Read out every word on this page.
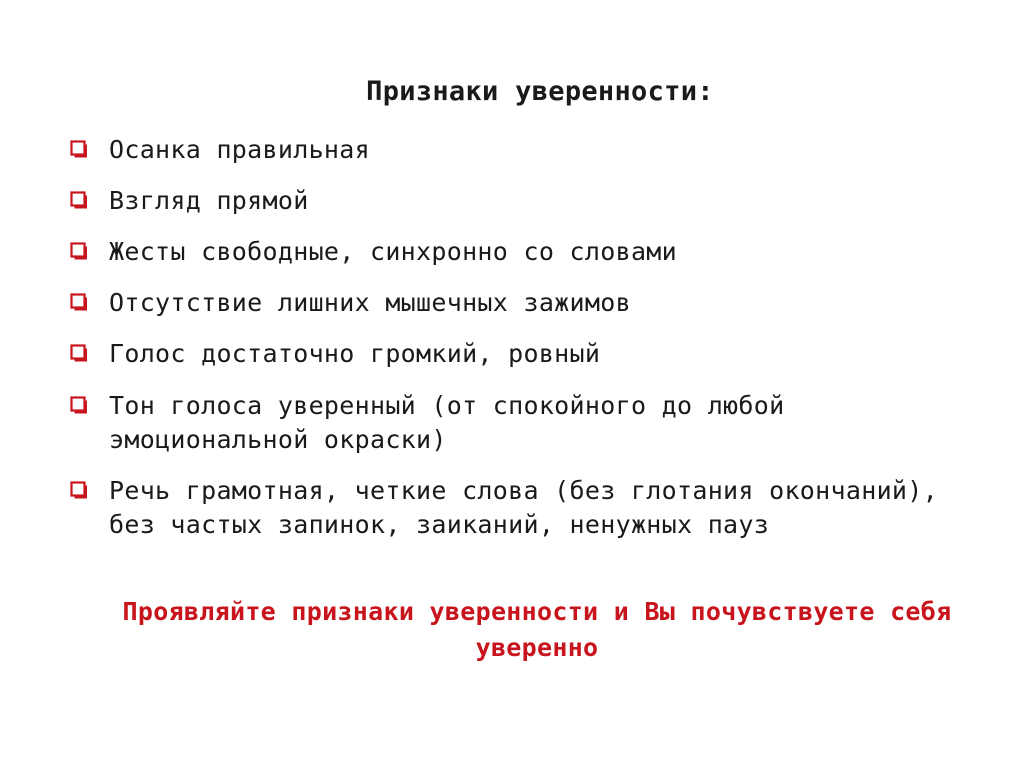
Признаки уверенности:
Осанка правильная
Взгляд прямой
Жесты свободные, синхронно со словами
Отсутствие лишних мышечных зажимов
Голос достаточно громкий, ровный
Тон голоса уверенный (от спокойного до любой эмоциональной окраски)
Речь грамотная, четкие слова (без глотания окончаний), без частых запинок, заиканий, ненужных пауз
Проявляйте признаки уверенности и Вы почувствуете себя уверенно
